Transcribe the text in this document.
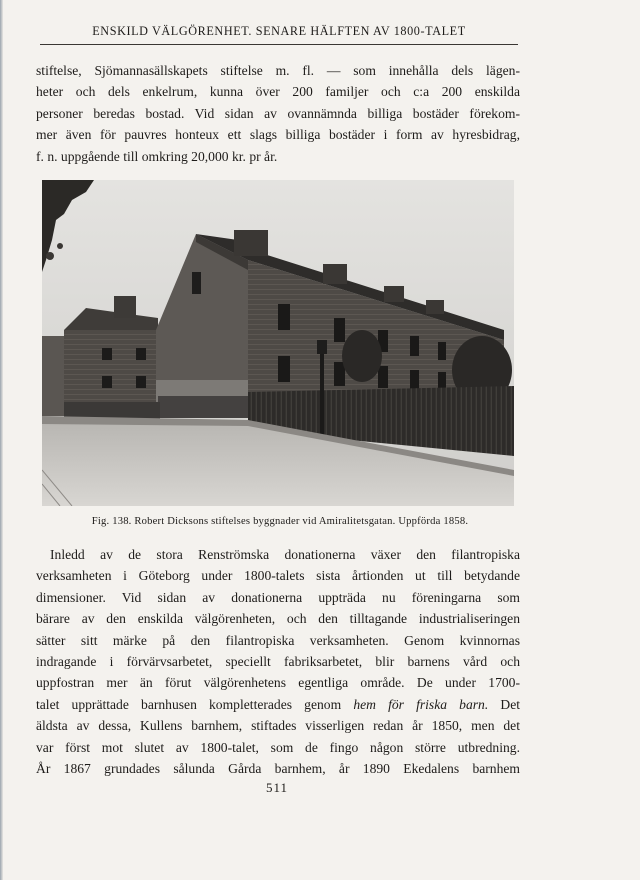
ENSKILD VÄLGÖRENHET. SENARE HÄLFTEN AV 1800-TALET
stiftelse, Sjömannasällskapets stiftelse m. fl. — som innehålla dels lägen-
heter och dels enkelrum, kunna över 200 familjer och c:a 200 enskilda
personer beredas bostad. Vid sidan av ovannämnda billiga bostäder förekom-
mer även för pauvres honteux ett slags billiga bostäder i form av hyresbidrag,
f. n. uppgående till omkring 20,000 kr. pr år.
Fig. 138. Robert Dicksons stiftelses byggnader vid Amiralitetsgatan. Uppförda 1858.
Inledd av de stora Renströmska donationerna växer den filantropiska
verksamheten i Göteborg under 1800-talets sista årtionden ut till betydande
dimensioner. Vid sidan av donationerna uppträda nu föreningarna som
bärare av den enskilda välgörenheten, och den tilltagande industrialiseringen
sätter sitt märke på den filantropiska verksamheten. Genom kvinnornas
indragande i förvärvsarbetet, speciellt fabriksarbetet, blir barnens vård och
uppfostran mer än förut välgörenhetens egentliga område. De under 1700-
talet upprättade barnhusen kompletterades genom hem för friska barn. Det
äldsta av dessa, Kullens barnhem, stiftades visserligen redan år 1850, men det
var först mot slutet av 1800-talet, som de fingo någon större utbredning.
År 1867 grundades sålunda Gårda barnhem, år 1890 Ekedalens barnhem
511
